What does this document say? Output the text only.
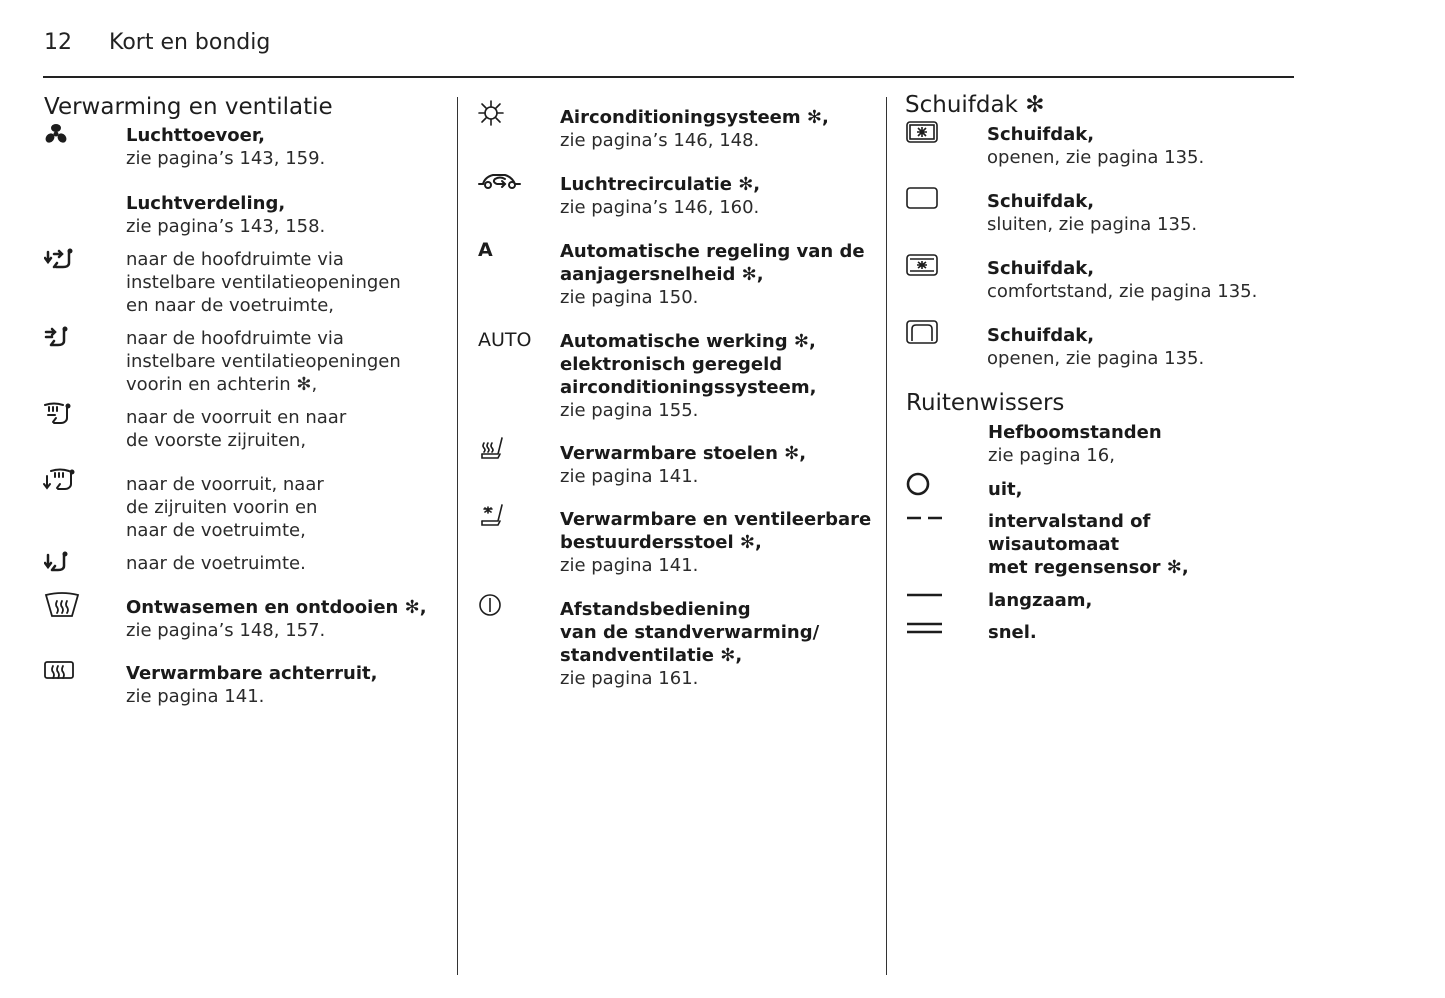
12 Kort en bondig
Verwarming en ventilatie
Luchttoevoer,
zie pagina’s 143, 159.
Luchtverdeling,
zie pagina’s 143, 158.
naar de hoofdruimte via
instelbare ventilatieopeningen
en naar de voetruimte,
naar de hoofdruimte via
instelbare ventilatieopeningen
voorin en achterin ✻,
naar de voorruit en naar
de voorste zijruiten,
naar de voorruit, naar
de zijruiten voorin en
naar de voetruimte,
naar de voetruimte.
Ontwasemen en ontdooien ✻,
zie pagina’s 148, 157.
Verwarmbare achterruit,
zie pagina 141.
Airconditioningsysteem ✻,
zie pagina’s 146, 148.
Luchtrecirculatie ✻,
zie pagina’s 146, 160.
A	Automatische regeling van de
aanjagersnelheid ✻,
zie pagina 150.
AUTO Automatische werking ✻,
elektronisch geregeld
airconditioningssysteem,
zie pagina 155.
Verwarmbare stoelen ✻,
zie pagina 141.
Verwarmbare en ventileerbare
bestuurdersstoel ✻,
zie pagina 141.
Afstandsbediening
van de standverwarming/
standventilatie ✻,
zie pagina 161.
Schuifdak ✻
Schuifdak,
openen, zie pagina 135.
Schuifdak,
sluiten, zie pagina 135.
Schuifdak,
comfortstand, zie pagina 135.
Schuifdak,
openen, zie pagina 135.
Ruitenwissers
Hefboomstanden
zie pagina 16,
uit,
intervalstand of
wisautomaat
met regensensor ✻,
langzaam,
snel.
